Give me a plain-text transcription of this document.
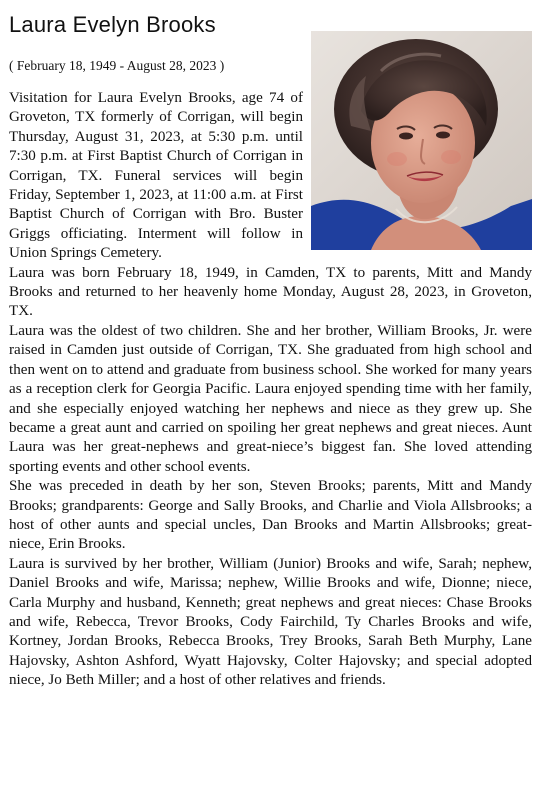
Laura Evelyn Brooks
( February 18, 1949 - August 28, 2023 )

Visitation for Laura Evelyn Brooks, age 74 of Groveton, TX formerly of Corrigan, will begin Thursday, August 31, 2023, at 5:30 p.m. until 7:30 p.m. at First Baptist Church of Corrigan in Corrigan, TX. Funeral services will begin Friday, September 1, 2023, at 11:00 a.m. at First Baptist Church of Corrigan with Bro. Buster Griggs officiating. Interment will follow in Union Springs Cemetery.

Laura was born February 18, 1949, in Camden, TX to parents, Mitt and Mandy Brooks and returned to her heavenly home Monday, August 28, 2023, in Groveton, TX.

Laura was the oldest of two children. She and her brother, William Brooks, Jr. were raised in Camden just outside of Corrigan, TX. She graduated from high school and then went on to attend and graduate from business school. She worked for many years as a reception clerk for Georgia Pacific. Laura enjoyed spending time with her family, and she especially enjoyed watching her nephews and niece as they grew up. She became a great aunt and carried on spoiling her great nephews and great nieces. Aunt Laura was her great-nephews and great-niece’s biggest fan. She loved attending sporting events and other school events.

She was preceded in death by her son, Steven Brooks; parents, Mitt and Mandy Brooks; grandparents: George and Sally Brooks, and Charlie and Viola Allsbrooks; a host of other aunts and special uncles, Dan Brooks and Martin Allsbrooks; great-niece, Erin Brooks.

Laura is survived by her brother, William (Junior) Brooks and wife, Sarah; nephew, Daniel Brooks and wife, Marissa; nephew, Willie Brooks and wife, Dionne; niece, Carla Murphy and husband, Kenneth; great nephews and great nieces: Chase Brooks and wife, Rebecca, Trevor Brooks, Cody Fairchild, Ty Charles Brooks and wife, Kortney, Jordan Brooks, Rebecca Brooks, Trey Brooks, Sarah Beth Murphy, Lane Hajovsky, Ashton Ashford, Wyatt Hajovsky, Colter Hajovsky; and special adopted niece, Jo Beth Miller; and a host of other relatives and friends.
